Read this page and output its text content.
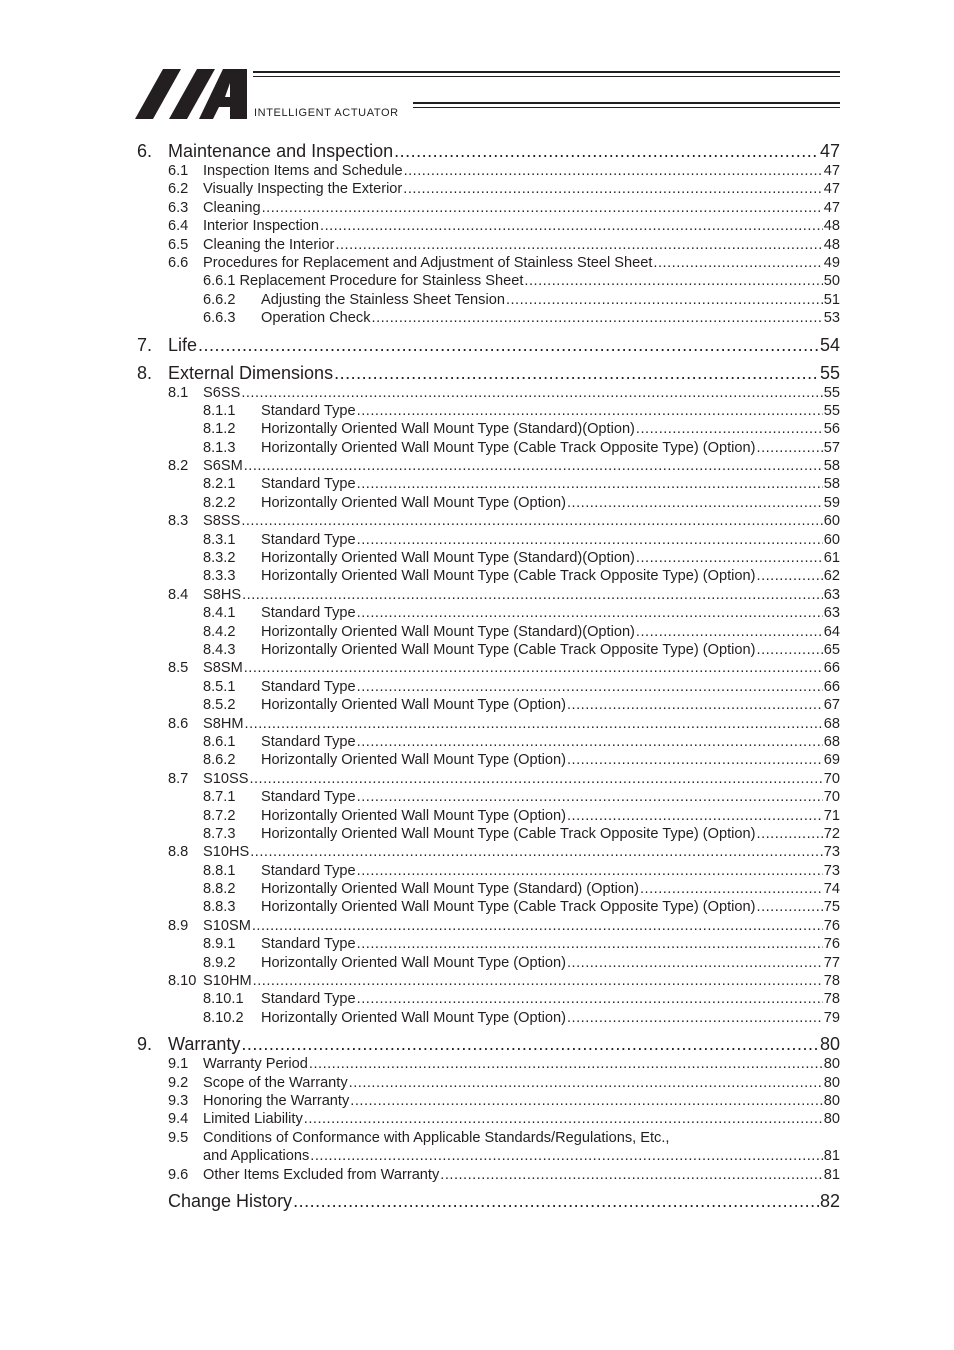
INTELLIGENT ACTUATOR
6. Maintenance and Inspection .....	47
6.1	Inspection Items and Schedule .....	47
6.2	Visually Inspecting the Exterior .....	47
6.3	Cleaning .....	47
6.4	Interior Inspection .....	48
6.5	Cleaning the Interior .....	48
6.6	Procedures for Replacement and Adjustment of Stainless Steel Sheet .....	49
6.6.1 Replacement Procedure for Stainless Sheet .....	50
6.6.2	Adjusting the Stainless Sheet Tension .....	51
6.6.3	Operation Check .....	53
7. Life .....	54
8. External Dimensions .....	55
8.1	S6SS .....	55
8.1.1	Standard Type .....	55
8.1.2	Horizontally Oriented Wall Mount Type (Standard)(Option) .....	56
8.1.3	Horizontally Oriented Wall Mount Type (Cable Track Opposite Type) (Option) .....	57
8.2	S6SM .....	58
8.2.1	Standard Type .....	58
8.2.2	Horizontally Oriented Wall Mount Type (Option) .....	59
8.3	S8SS .....	60
8.3.1	Standard Type .....	60
8.3.2	Horizontally Oriented Wall Mount Type (Standard)(Option) .....	61
8.3.3	Horizontally Oriented Wall Mount Type (Cable Track Opposite Type) (Option) .....	62
8.4	S8HS .....	63
8.4.1	Standard Type .....	63
8.4.2	Horizontally Oriented Wall Mount Type (Standard)(Option) .....	64
8.4.3	Horizontally Oriented Wall Mount Type (Cable Track Opposite Type) (Option) .....	65
8.5	S8SM .....	66
8.5.1	Standard Type .....	66
8.5.2	Horizontally Oriented Wall Mount Type (Option) .....	67
8.6	S8HM .....	68
8.6.1	Standard Type .....	68
8.6.2	Horizontally Oriented Wall Mount Type (Option) .....	69
8.7	S10SS .....	70
8.7.1	Standard Type .....	70
8.7.2	Horizontally Oriented Wall Mount Type (Option) .....	71
8.7.3	Horizontally Oriented Wall Mount Type (Cable Track Opposite Type) (Option) .....	72
8.8	S10HS .....	73
8.8.1	Standard Type .....	73
8.8.2	Horizontally Oriented Wall Mount Type (Standard) (Option) .....	74
8.8.3	Horizontally Oriented Wall Mount Type (Cable Track Opposite Type) (Option) .....	75
8.9	S10SM .....	76
8.9.1	Standard Type .....	76
8.9.2	Horizontally Oriented Wall Mount Type (Option) .....	77
8.10 S10HM .....	78
8.10.1	Standard Type .....	78
8.10.2	Horizontally Oriented Wall Mount Type (Option) .....	79
9. Warranty .....	80
9.1	Warranty Period .....	80
9.2	Scope of the Warranty .....	80
9.3	Honoring the Warranty .....	80
9.4	Limited Liability .....	80
9.5	Conditions of Conformance with Applicable Standards/Regulations, Etc.,
and Applications .....	81
9.6	Other Items Excluded from Warranty .....	81
Change History .....	82
